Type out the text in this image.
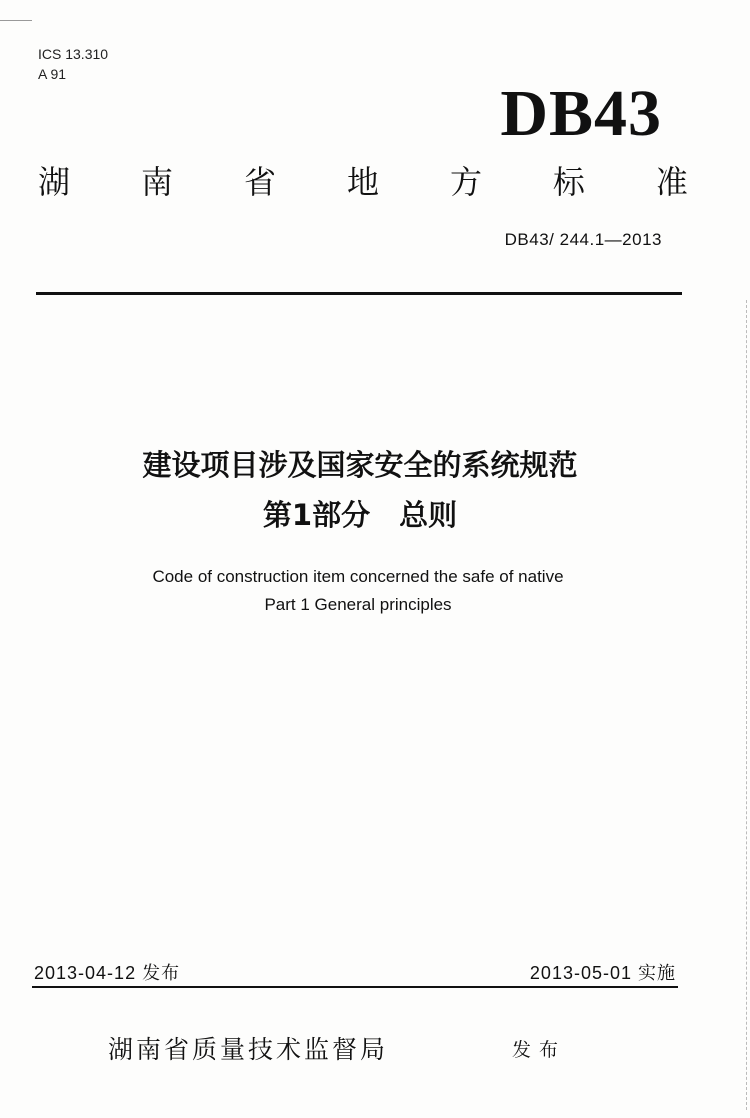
ICS 13.310
A 91
DB43
湖 南 省 地 方 标 准
DB43/ 244.1—2013
建设项目涉及国家安全的系统规范
第1部分　总则
Code of construction item concerned the safe of native
Part 1 General principles
2013-04-12 发布	2013-05-01 实施
湖南省质量技术监督局	发布
